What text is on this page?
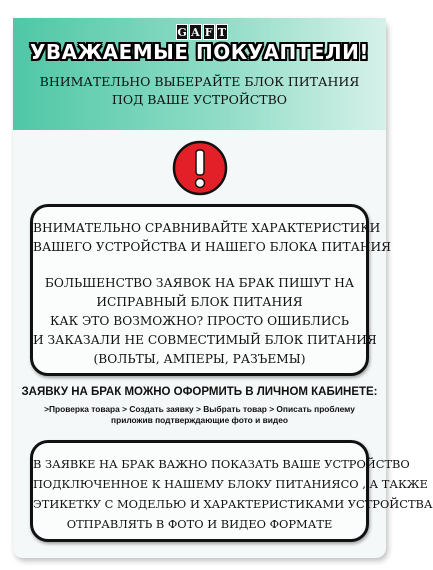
G A F T
УВАЖАЕМЫЕ ПОКУАПТЕЛИ!
ВНИМАТЕЛЬНО ВЫБЕРАЙТЕ БЛОК ПИТАНИЯ
ПОД ВАШЕ УСТРОЙСТВО
ВНИМАТЕЛЬНО СРАВНИВАЙТЕ ХАРАКТЕРИСТИКИ
ВАШЕГО УСТРОЙСТВА И НАШЕГО БЛОКА ПИТАНИЯ
БОЛЬШЕНСТВО ЗАЯВОК НА БРАК ПИШУТ НА
ИСПРАВНЫЙ БЛОК ПИТАНИЯ
КАК ЭТО ВОЗМОЖНО? ПРОСТО ОШИБЛИСЬ
И ЗАКАЗАЛИ НЕ СОВМЕСТИМЫЙ БЛОК ПИТАНИЯ
(ВОЛЬТЫ, АМПЕРЫ, РАЗЪЕМЫ)
ЗАЯВКУ НА БРАК МОЖНО ОФОРМИТЬ В ЛИЧНОМ КАБИНЕТЕ:
>Проверка товара > Создать заявку > Выбрать товар > Описать проблему
приложив подтверждающие фото и видео
В ЗАЯВКЕ НА БРАК ВАЖНО ПОКАЗАТЬ ВАШЕ УСТРОЙСТВО
ПОДКЛЮЧЕННОЕ К НАШЕМУ БЛОКУ ПИТАНИЯСО , А ТАКЖЕ
ЭТИКЕТКУ С МОДЕЛЬЮ И ХАРАКТЕРИСТИКАМИ УСТРОЙСТВА
ОТПРАВЛЯТЬ В ФОТО И ВИДЕО ФОРМАТЕ
